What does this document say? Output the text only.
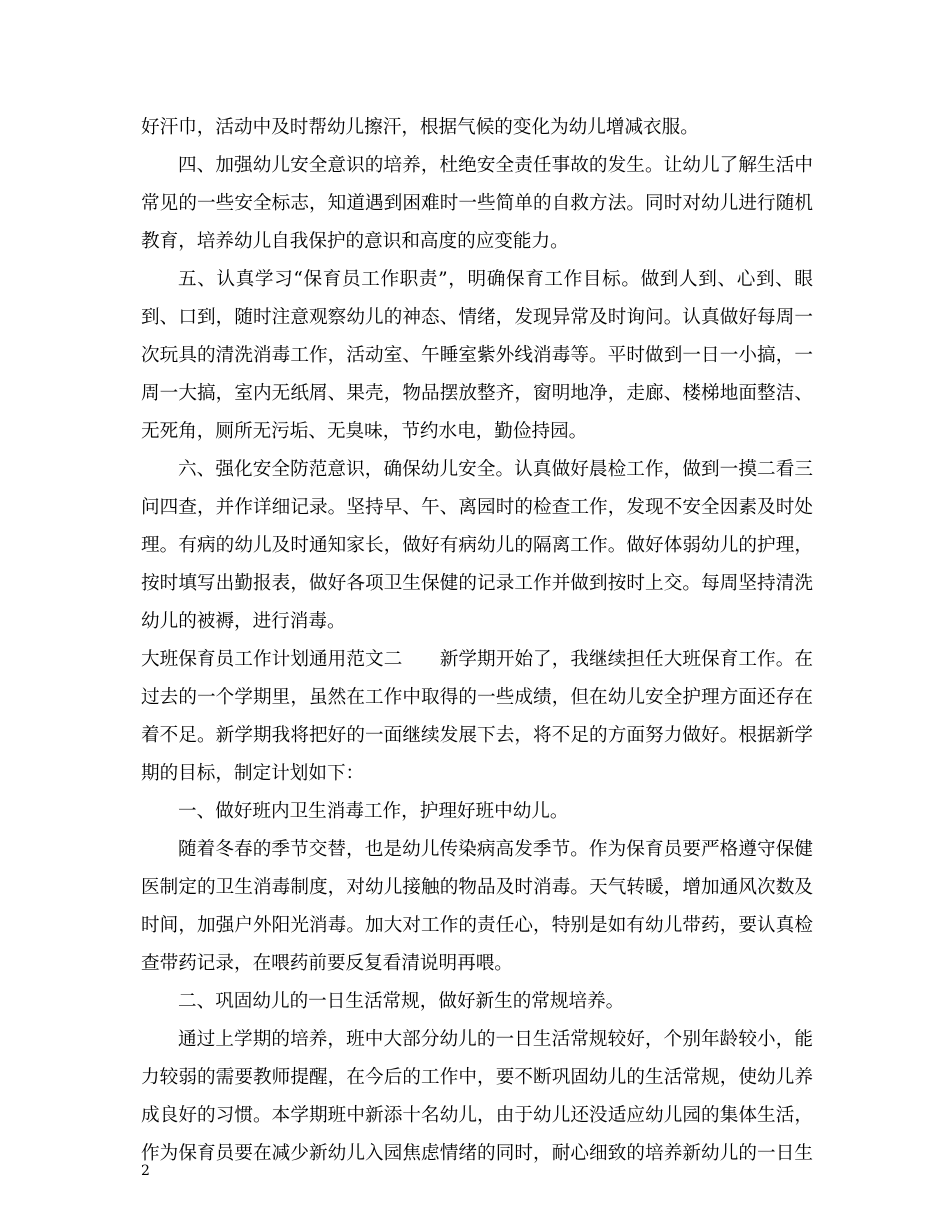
好汗巾，活动中及时帮幼儿擦汗，根据气候的变化为幼儿增减衣服。
四、加强幼儿安全意识的培养，杜绝安全责任事故的发生。让幼儿了解生活中
常见的一些安全标志，知道遇到困难时一些简单的自救方法。同时对幼儿进行随机
教育，培养幼儿自我保护的意识和高度的应变能力。
五、认真学习“保育员工作职责”，明确保育工作目标。做到人到、心到、眼
到、口到，随时注意观察幼儿的神态、情绪，发现异常及时询问。认真做好每周一
次玩具的清洗消毒工作，活动室、午睡室紫外线消毒等。平时做到一日一小搞，一
周一大搞，室内无纸屑、果壳，物品摆放整齐，窗明地净，走廊、楼梯地面整洁、
无死角，厕所无污垢、无臭味，节约水电，勤俭持园。
六、强化安全防范意识，确保幼儿安全。认真做好晨检工作，做到一摸二看三
问四查，并作详细记录。坚持早、午、离园时的检查工作，发现不安全因素及时处
理。有病的幼儿及时通知家长，做好有病幼儿的隔离工作。做好体弱幼儿的护理，
按时填写出勤报表，做好各项卫生保健的记录工作并做到按时上交。每周坚持清洗
幼儿的被褥，进行消毒。
大班保育员工作计划通用范文二　　新学期开始了，我继续担任大班保育工作。在
过去的一个学期里，虽然在工作中取得的一些成绩，但在幼儿安全护理方面还存在
着不足。新学期我将把好的一面继续发展下去，将不足的方面努力做好。根据新学
期的目标，制定计划如下：
一、做好班内卫生消毒工作，护理好班中幼儿。
随着冬春的季节交替，也是幼儿传染病高发季节。作为保育员要严格遵守保健
医制定的卫生消毒制度，对幼儿接触的物品及时消毒。天气转暖，增加通风次数及
时间，加强户外阳光消毒。加大对工作的责任心，特别是如有幼儿带药，要认真检
查带药记录，在喂药前要反复看清说明再喂。
二、巩固幼儿的一日生活常规，做好新生的常规培养。
通过上学期的培养，班中大部分幼儿的一日生活常规较好，个别年龄较小，能
力较弱的需要教师提醒，在今后的工作中，要不断巩固幼儿的生活常规，使幼儿养
成良好的习惯。本学期班中新添十名幼儿，由于幼儿还没适应幼儿园的集体生活，
作为保育员要在减少新幼儿入园焦虑情绪的同时，耐心细致的培养新幼儿的一日生
2
